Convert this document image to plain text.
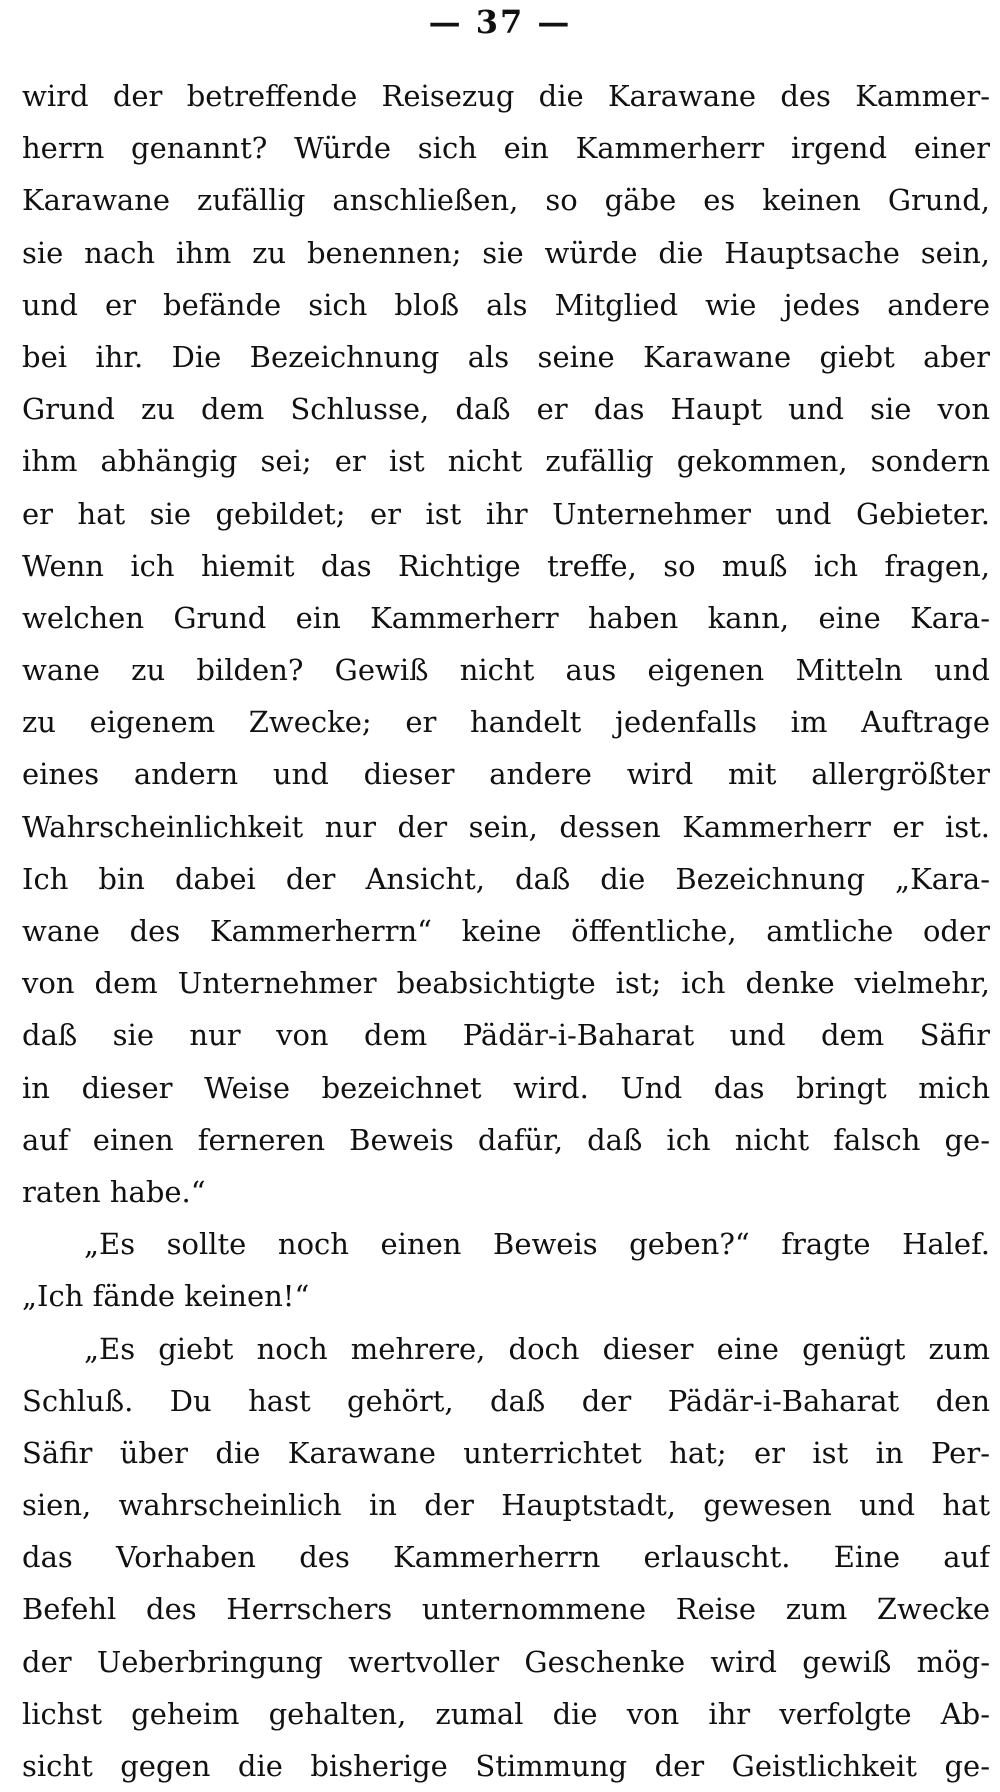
— 37 —
wird der betreffende Reisezug die Karawane des Kammer-
herrn genannt? Würde sich ein Kammerherr irgend einer
Karawane zufällig anschließen, so gäbe es keinen Grund,
sie nach ihm zu benennen; sie würde die Hauptsache sein,
und er befände sich bloß als Mitglied wie jedes andere
bei ihr. Die Bezeichnung als seine Karawane giebt aber
Grund zu dem Schlusse, daß er das Haupt und sie von
ihm abhängig sei; er ist nicht zufällig gekommen, sondern
er hat sie gebildet; er ist ihr Unternehmer und Gebieter.
Wenn ich hiemit das Richtige treffe, so muß ich fragen,
welchen Grund ein Kammerherr haben kann, eine Kara-
wane zu bilden? Gewiß nicht aus eigenen Mitteln und
zu eigenem Zwecke; er handelt jedenfalls im Auftrage
eines andern und dieser andere wird mit allergrößter
Wahrscheinlichkeit nur der sein, dessen Kammerherr er ist.
Ich bin dabei der Ansicht, daß die Bezeichnung „Kara-
wane des Kammerherrn“ keine öffentliche, amtliche oder
von dem Unternehmer beabsichtigte ist; ich denke vielmehr,
daß sie nur von dem Pädär-i-Baharat und dem Säfir
in dieser Weise bezeichnet wird. Und das bringt mich
auf einen ferneren Beweis dafür, daß ich nicht falsch ge-
raten habe.“
„Es sollte noch einen Beweis geben?“ fragte Halef.
„Ich fände keinen!“
„Es giebt noch mehrere, doch dieser eine genügt zum
Schluß. Du hast gehört, daß der Pädär-i-Baharat den
Säfir über die Karawane unterrichtet hat; er ist in Per-
sien, wahrscheinlich in der Hauptstadt, gewesen und hat
das Vorhaben des Kammerherrn erlauscht. Eine auf
Befehl des Herrschers unternommene Reise zum Zwecke
der Ueberbringung wertvoller Geschenke wird gewiß mög-
lichst geheim gehalten, zumal die von ihr verfolgte Ab-
sicht gegen die bisherige Stimmung der Geistlichkeit ge-
